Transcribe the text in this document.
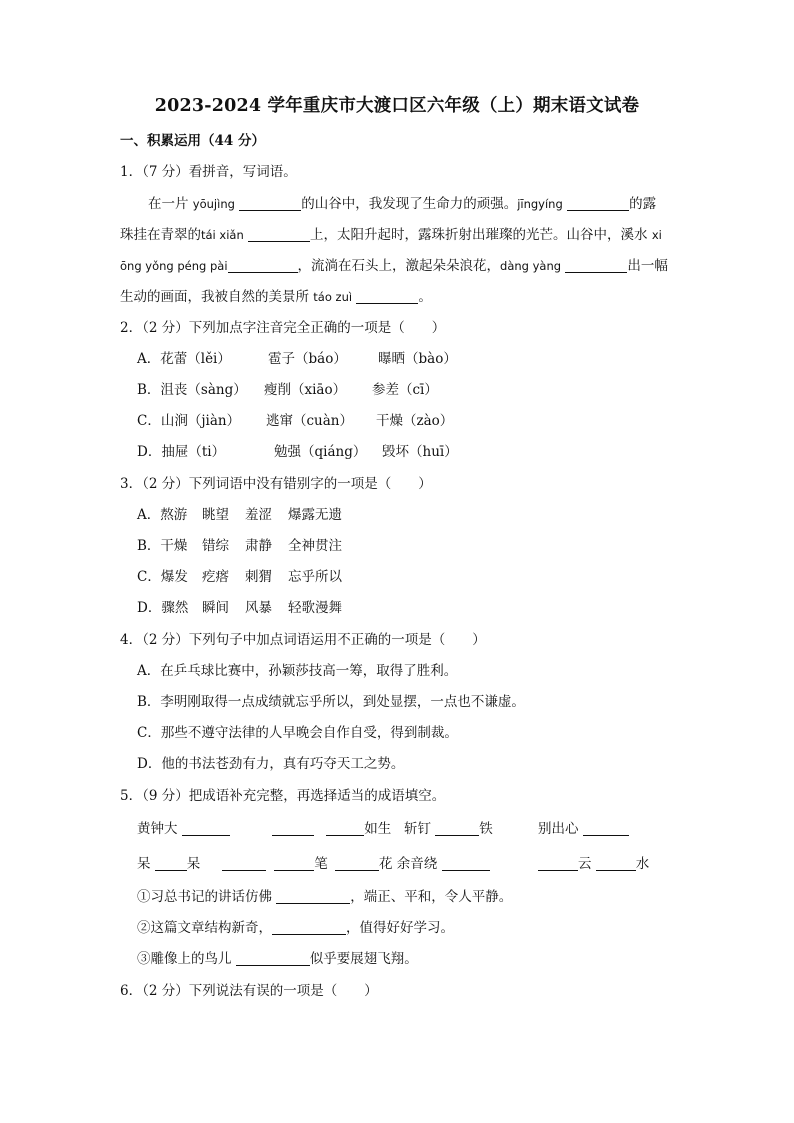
2023-2024 学年重庆市大渡口区六年级（上）期末语文试卷
一、积累运用（44 分）
1．（7 分）看拼音，写词语。
在一片 yōujìng	的山谷中，我发现了生命力的顽强。jīngyíng	的露
珠挂在青翠的tái xiǎn	上，太阳升起时，露珠折射出璀璨的光芒。山谷中，溪水 xi
ōng yǒng péng pài	，流淌在石头上，激起朵朵浪花，dàng yàng	出一幅
生动的画面，我被自然的美景所 táo zuì	。
2．（2 分）下列加点字注音完全正确的一项是（　　）
A．花蕾（lěi）	雹子（báo） 曝晒（bào）
B．沮丧（sàng） 瘦削（xiāo） 参差（cī）
C．山涧（jiàn） 逃窜（cuàn） 干燥（zào）
D．抽屉（ti）	勉强（qiáng） 毁坏（huī）
3．（2 分）下列词语中没有错别字的一项是（　　）
A．熬游 眺望 羞涩 爆露无遗
B．干燥 错综 肃静 全神贯注
C．爆发 疙瘩 刺猬 忘乎所以
D．骤然 瞬间 风暴 轻歌漫舞
4．（2 分）下列句子中加点词语运用不正确的一项是（　　）
A．在乒乓球比赛中，孙颖莎技高一筹，取得了胜利。
B．李明刚取得一点成绩就忘乎所以，到处显摆，一点也不谦虚。
C．那些不遵守法律的人早晚会自作自受，得到制裁。
D．他的书法苍劲有力，真有巧夺天工之势。
5．（9 分）把成语补充完整，再选择适当的成语填空。
黄钟大	如生 斩钉	铁	别出心
呆	呆	笔	花 余音绕	云	水
①习总书记的讲话仿佛	，端正、平和，令人平静。
②这篇文章结构新奇，	，值得好好学习。
③雕像上的鸟儿	似乎要展翅飞翔。
6．（2 分）下列说法有误的一项是（　　）
